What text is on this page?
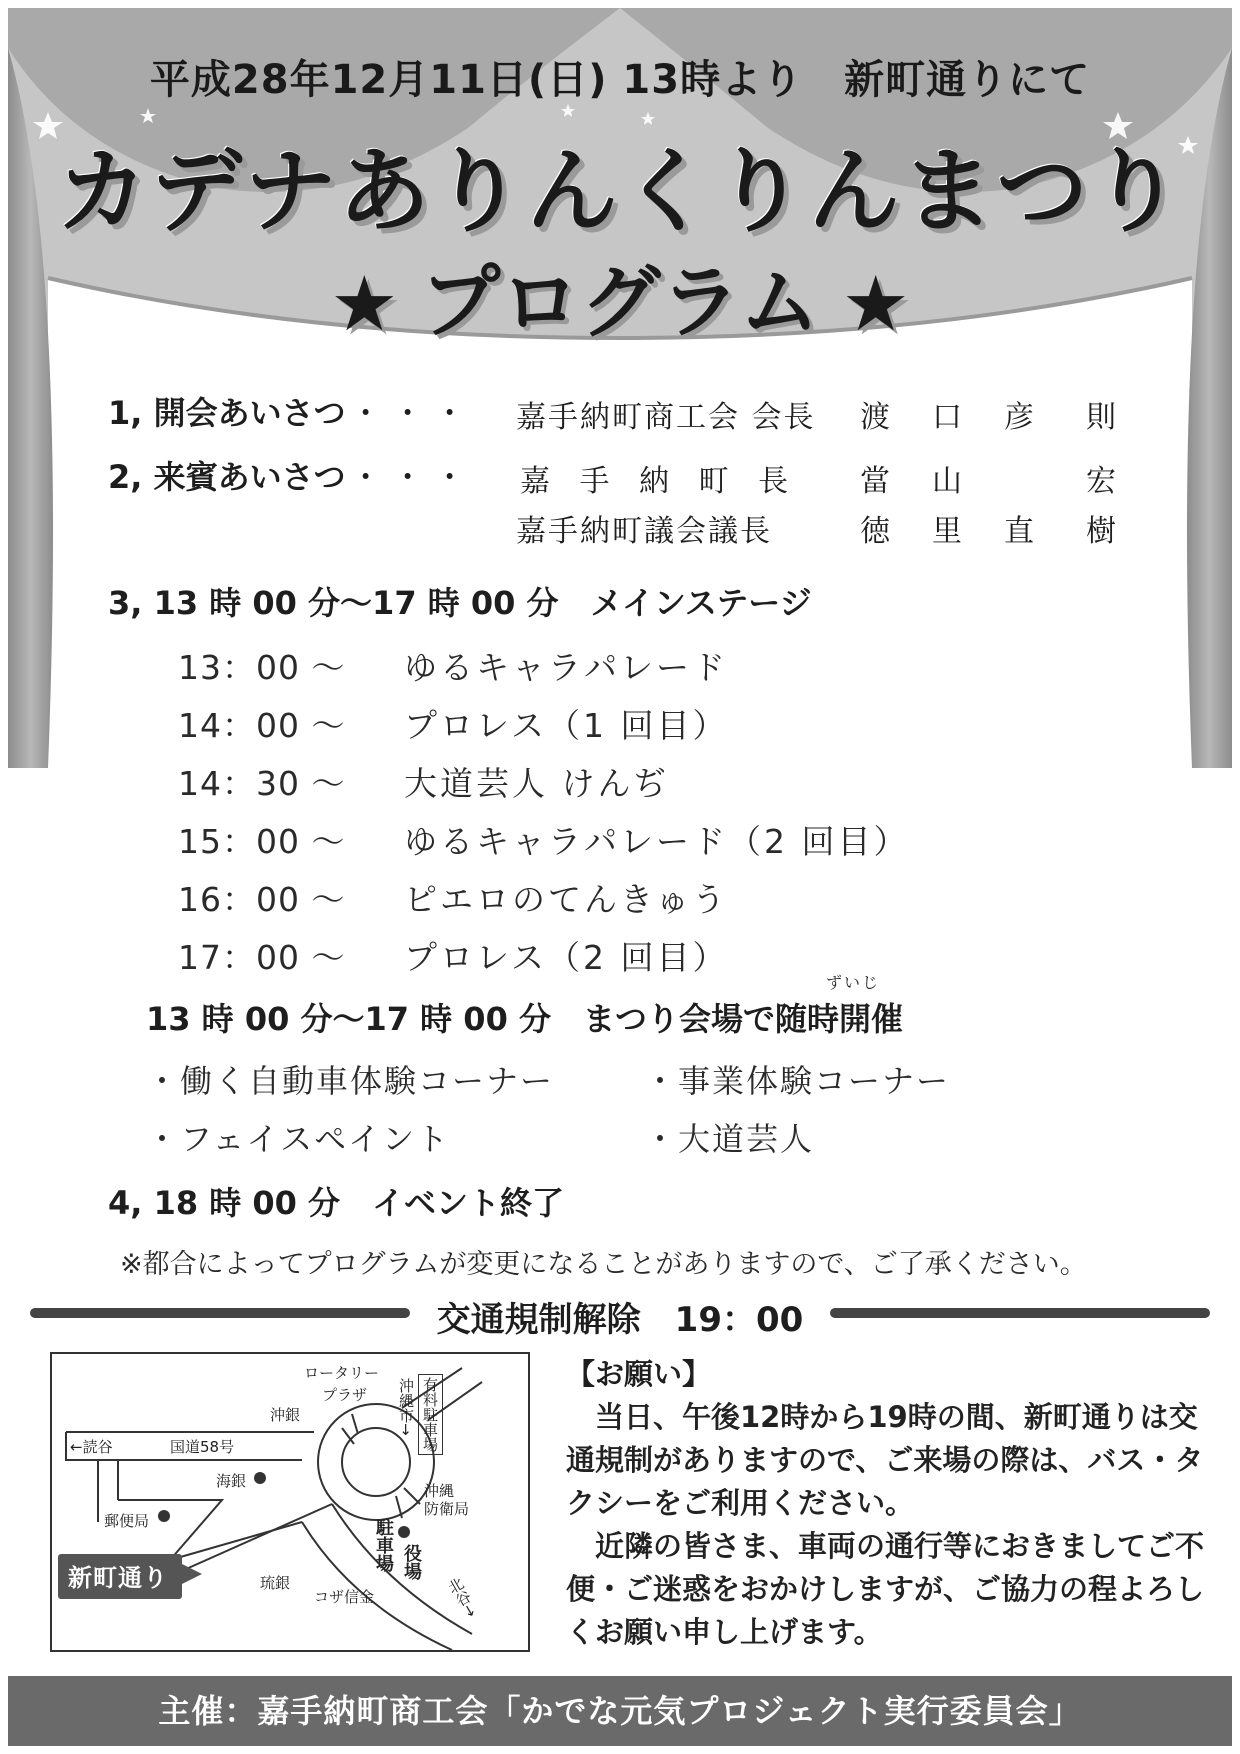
平成28年12月11日(日) 13時より　新町通りにて
カデナありんくりんまつり
★ プログラム ★
1, 開会あいさつ ・・・ 嘉手納町商工会 会長 渡 口 彦 則
2, 来賓あいさつ ・・・ 嘉 手 納 町 長 當 山	宏
嘉手納町議会議長	徳 里 直 樹
3, 13 時 00 分〜17 時 00 分　メインステージ
13：00 〜 ゆるキャラパレード
14：00 〜 プロレス（1 回目）
14：30 〜 大道芸人 けんぢ
15：00 〜 ゆるキャラパレード（2 回目）
16：00 〜 ピエロのてんきゅう
17：00 〜 プロレス（2 回目）
ずいじ
13 時 00 分〜17 時 00 分　まつり会場で随時開催
・働く自動車体験コーナー	・事業体験コーナー
・フェイスペイント	・大道芸人
4, 18 時 00 分　イベント終了
※都合によってプログラムが変更になることがありますので、ご了承ください。
交通規制解除　19：00
ロータリー
プラザ
沖銀
←読谷	国道58号
海銀
郵便局
沖縄市→ 有料駐車場
沖縄
防衛局
駐車場 役場
琉銀
コザ信金	北谷→
新町通り
【お願い】

当日、午後12時から19時の間、新町通りは交通規制がありますので、ご来場の際は、バス・タクシーをご利用ください。

近隣の皆さま、車両の通行等におきましてご不便・ご迷惑をおかけしますが、ご協力の程よろしくお願い申し上げます。

主催：嘉手納町商工会「かでな元気プロジェクト実行委員会」
